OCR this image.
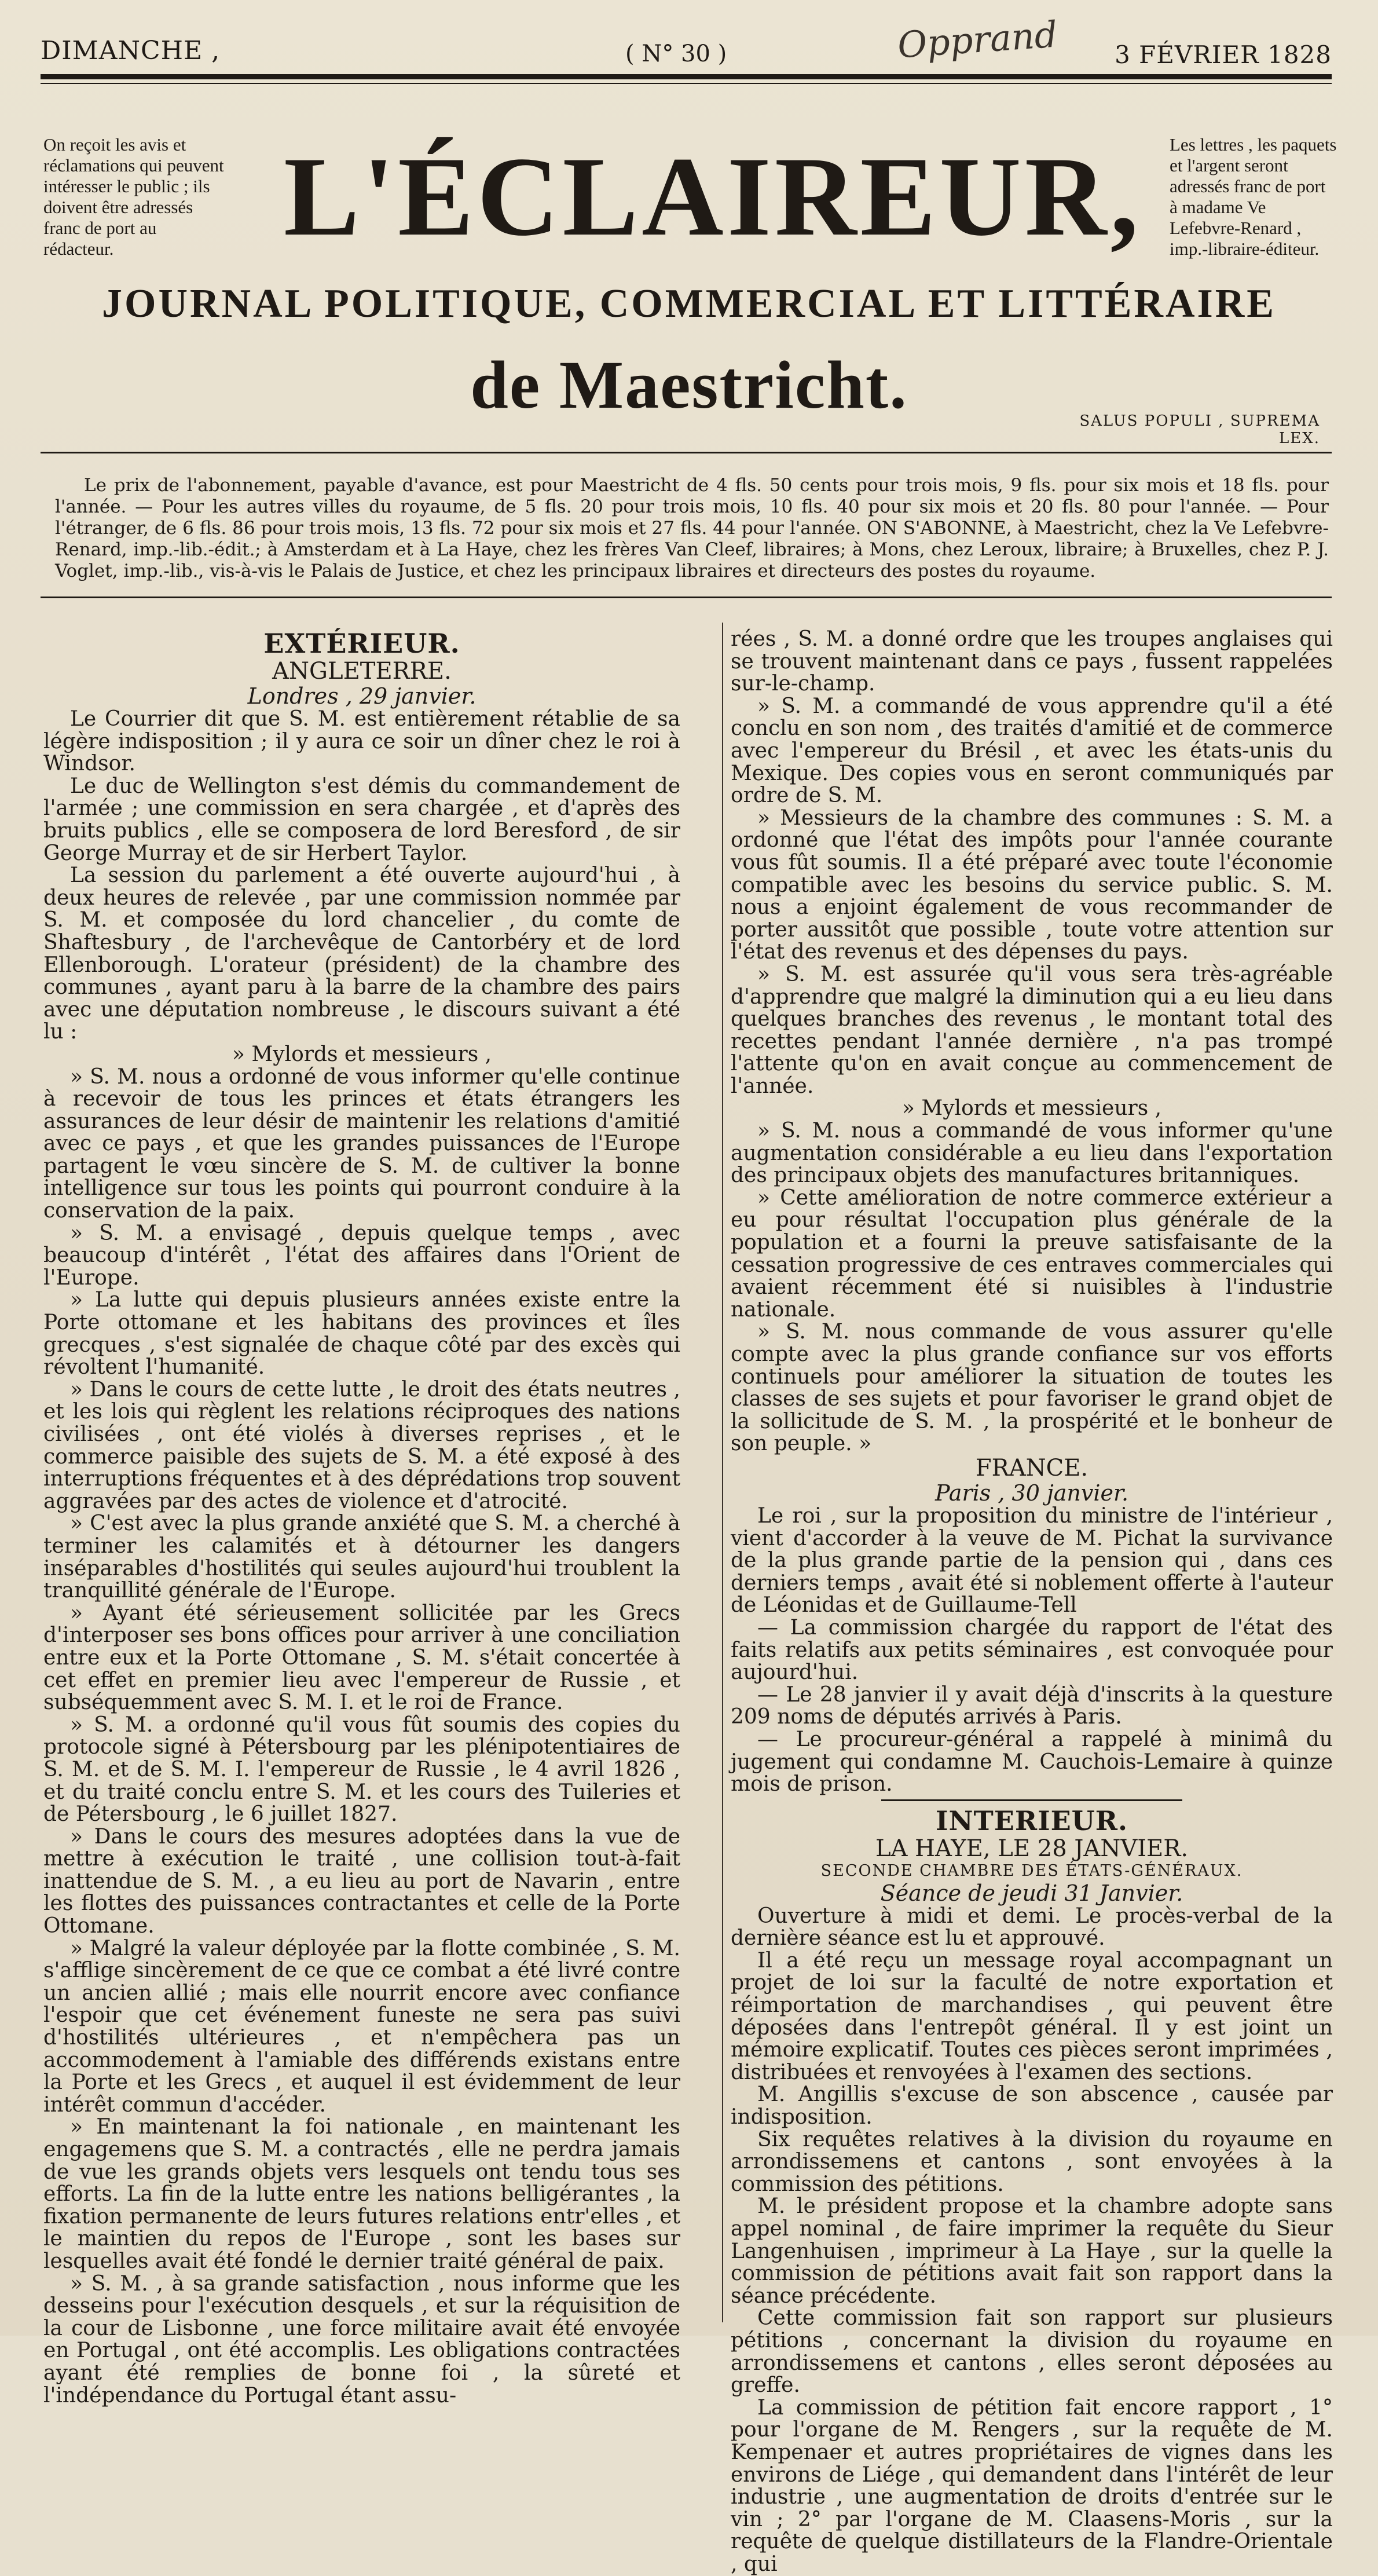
DIMANCHE ,	( N° 30 )	Opprand 3 FÉVRIER 1828
On reçoit les avis et réclamations qui peuvent intéresser le public ; ils doivent être adressés franc de port au rédacteur.	L'ÉCLAIREUR, Les lettres , les paquets et l'argent seront adressés franc de port à madame Ve Lefebvre-Renard , imp.-libraire-éditeur.
JOURNAL POLITIQUE, COMMERCIAL ET LITTÉRAIRE
de Maestricht.	SALUS POPULI , SUPREMA LEX.
Le prix de l'abonnement, payable d'avance, est pour Maestricht de 4 fls. 50 cents pour trois mois, 9 fls. pour six mois et 18 fls. pour l'année. — Pour les autres villes du royaume, de 5 fls. 20 pour trois mois, 10 fls. 40 pour six mois et 20 fls. 80 pour l'année. — Pour l'étranger, de 6 fls. 86 pour trois mois, 13 fls. 72 pour six mois et 27 fls. 44 pour l'année. ON S'ABONNE, à Maestricht, chez la Ve Lefebvre-Renard, imp.-lib.-édit.; à Amsterdam et à La Haye, chez les frères Van Cleef, libraires; à Mons, chez Leroux, libraire; à Bruxelles, chez P. J. Voglet, imp.-lib., vis-à-vis le Palais de Justice, et chez les principaux libraires et directeurs des postes du royaume.

EXTÉRIEUR.

ANGLETERRE.

Londres , 29 janvier.

Le Courrier dit que S. M. est entièrement rétablie de sa légère indisposition ; il y aura ce soir un dîner chez le roi à Windsor.

Le duc de Wellington s'est démis du commandement de l'armée ; une commission en sera chargée , et d'après des bruits publics , elle se composera de lord Beresford , de sir George Murray et de sir Herbert Taylor.

La session du parlement a été ouverte aujourd'hui , à deux heures de relevée , par une commission nommée par S. M. et composée du lord chancelier , du comte de Shaftesbury , de l'archevêque de Cantorbéry et de lord Ellenborough. L'orateur (président) de la chambre des communes , ayant paru à la barre de la chambre des pairs avec une députation nombreuse , le discours suivant a été lu :

» Mylords et messieurs ,

» S. M. nous a ordonné de vous informer qu'elle continue à recevoir de tous les princes et états étrangers les assurances de leur désir de maintenir les relations d'amitié avec ce pays , et que les grandes puissances de l'Europe partagent le vœu sincère de S. M. de cultiver la bonne intelligence sur tous les points qui pourront conduire à la conservation de la paix.

» S. M. a envisagé , depuis quelque temps , avec beaucoup d'intérêt , l'état des affaires dans l'Orient de l'Europe.

» La lutte qui depuis plusieurs années existe entre la Porte ottomane et les habitans des provinces et îles grecques , s'est signalée de chaque côté par des excès qui révoltent l'humanité.

» Dans le cours de cette lutte , le droit des états neutres , et les lois qui règlent les relations réciproques des nations civilisées , ont été violés à diverses reprises , et le commerce paisible des sujets de S. M. a été exposé à des interruptions fréquentes et à des déprédations trop souvent aggravées par des actes de violence et d'atrocité.

» C'est avec la plus grande anxiété que S. M. a cherché à terminer les calamités et à détourner les dangers inséparables d'hostilités qui seules aujourd'hui troublent la tranquillité générale de l'Europe.

» Ayant été sérieusement sollicitée par les Grecs d'interposer ses bons offices pour arriver à une conciliation entre eux et la Porte Ottomane , S. M. s'était concertée à cet effet en premier lieu avec l'empereur de Russie , et subséquemment avec S. M. I. et le roi de France.

» S. M. a ordonné qu'il vous fût soumis des copies du protocole signé à Pétersbourg par les plénipotentiaires de S. M. et de S. M. I. l'empereur de Russie , le 4 avril 1826 , et du traité conclu entre S. M. et les cours des Tuileries et de Pétersbourg , le 6 juillet 1827.

» Dans le cours des mesures adoptées dans la vue de mettre à exécution le traité , une collision tout-à-fait inattendue de S. M. , a eu lieu au port de Navarin , entre les flottes des puissances contractantes et celle de la Porte Ottomane.

» Malgré la valeur déployée par la flotte combinée , S. M. s'afflige sincèrement de ce que ce combat a été livré contre un ancien allié ; mais elle nourrit encore avec confiance l'espoir que cet événement funeste ne sera pas suivi d'hostilités ultérieures , et n'empêchera pas un accommodement à l'amiable des différends existans entre la Porte et les Grecs , et auquel il est évidemment de leur intérêt commun d'accéder.

» En maintenant la foi nationale , en maintenant les engagemens que S. M. a contractés , elle ne perdra jamais de vue les grands objets vers lesquels ont tendu tous ses efforts. La fin de la lutte entre les nations belligérantes , la fixation permanente de leurs futures relations entr'elles , et le maintien du repos de l'Europe , sont les bases sur lesquelles avait été fondé le dernier traité général de paix.

» S. M. , à sa grande satisfaction , nous informe que les desseins pour l'exécution desquels , et sur la réquisition de la cour de Lisbonne , une force militaire avait été envoyée en Portugal , ont été accomplis. Les obligations contractées ayant été remplies de bonne foi , la sûreté et l'indépendance du Portugal étant assu-

rées , S. M. a donné ordre que les troupes anglaises qui se trouvent maintenant dans ce pays , fussent rappelées sur-le-champ.

» S. M. a commandé de vous apprendre qu'il a été conclu en son nom , des traités d'amitié et de commerce avec l'empereur du Brésil , et avec les états-unis du Mexique. Des copies vous en seront communiqués par ordre de S. M.

» Messieurs de la chambre des communes : S. M. a ordonné que l'état des impôts pour l'année courante vous fût soumis. Il a été préparé avec toute l'économie compatible avec les besoins du service public. S. M. nous a enjoint également de vous recommander de porter aussitôt que possible , toute votre attention sur l'état des revenus et des dépenses du pays.

» S. M. est assurée qu'il vous sera très-agréable d'apprendre que malgré la diminution qui a eu lieu dans quelques branches des revenus , le montant total des recettes pendant l'année dernière , n'a pas trompé l'attente qu'on en avait conçue au commencement de l'année.

» Mylords et messieurs ,

» S. M. nous a commandé de vous informer qu'une augmentation considérable a eu lieu dans l'exportation des principaux objets des manufactures britanniques.

» Cette amélioration de notre commerce extérieur a eu pour résultat l'occupation plus générale de la population et a fourni la preuve satisfaisante de la cessation progressive de ces entraves commerciales qui avaient récemment été si nuisibles à l'industrie nationale.

» S. M. nous commande de vous assurer qu'elle compte avec la plus grande confiance sur vos efforts continuels pour améliorer la situation de toutes les classes de ses sujets et pour favoriser le grand objet de la sollicitude de S. M. , la prospérité et le bonheur de son peuple. »

FRANCE.

Paris , 30 janvier.

Le roi , sur la proposition du ministre de l'intérieur , vient d'accorder à la veuve de M. Pichat la survivance de la plus grande partie de la pension qui , dans ces derniers temps , avait été si noblement offerte à l'auteur de Léonidas et de Guillaume-Tell

— La commission chargée du rapport de l'état des faits relatifs aux petits séminaires , est convoquée pour aujourd'hui.

— Le 28 janvier il y avait déjà d'inscrits à la questure 209 noms de députés arrivés à Paris.

— Le procureur-général a rappelé à minimâ du jugement qui condamne M. Cauchois-Lemaire à quinze mois de prison.

INTERIEUR.

LA HAYE, LE 28 JANVIER.

SECONDE CHAMBRE DES ÉTATS-GÉNÉRAUX.

Séance de jeudi 31 Janvier.

Ouverture à midi et demi. Le procès-verbal de la dernière séance est lu et approuvé.

Il a été reçu un message royal accompagnant un projet de loi sur la faculté de notre exportation et réimportation de marchandises , qui peuvent être déposées dans l'entrepôt général. Il y est joint un mémoire explicatif. Toutes ces pièces seront imprimées , distribuées et renvoyées à l'examen des sections.

M. Angillis s'excuse de son abscence , causée par indisposition.

Six requêtes relatives à la division du royaume en arrondissemens et cantons , sont envoyées à la commission des pétitions.

M. le président propose et la chambre adopte sans appel nominal , de faire imprimer la requête du Sieur Langenhuisen , imprimeur à La Haye , sur la quelle la commission de pétitions avait fait son rapport dans la séance précédente.

Cette commission fait son rapport sur plusieurs pétitions , concernant la division du royaume en arrondissemens et cantons , elles seront déposées au greffe.

La commission de pétition fait encore rapport , 1° pour l'organe de M. Rengers , sur la requête de M. Kempenaer et autres propriétaires de vignes dans les environs de Liége , qui demandent dans l'intérêt de leur industrie , une augmentation de droits d'entrée sur le vin ; 2° par l'organe de M. Claasens-Moris , sur la requête de quelque distillateurs de la Flandre-Orientale , qui
